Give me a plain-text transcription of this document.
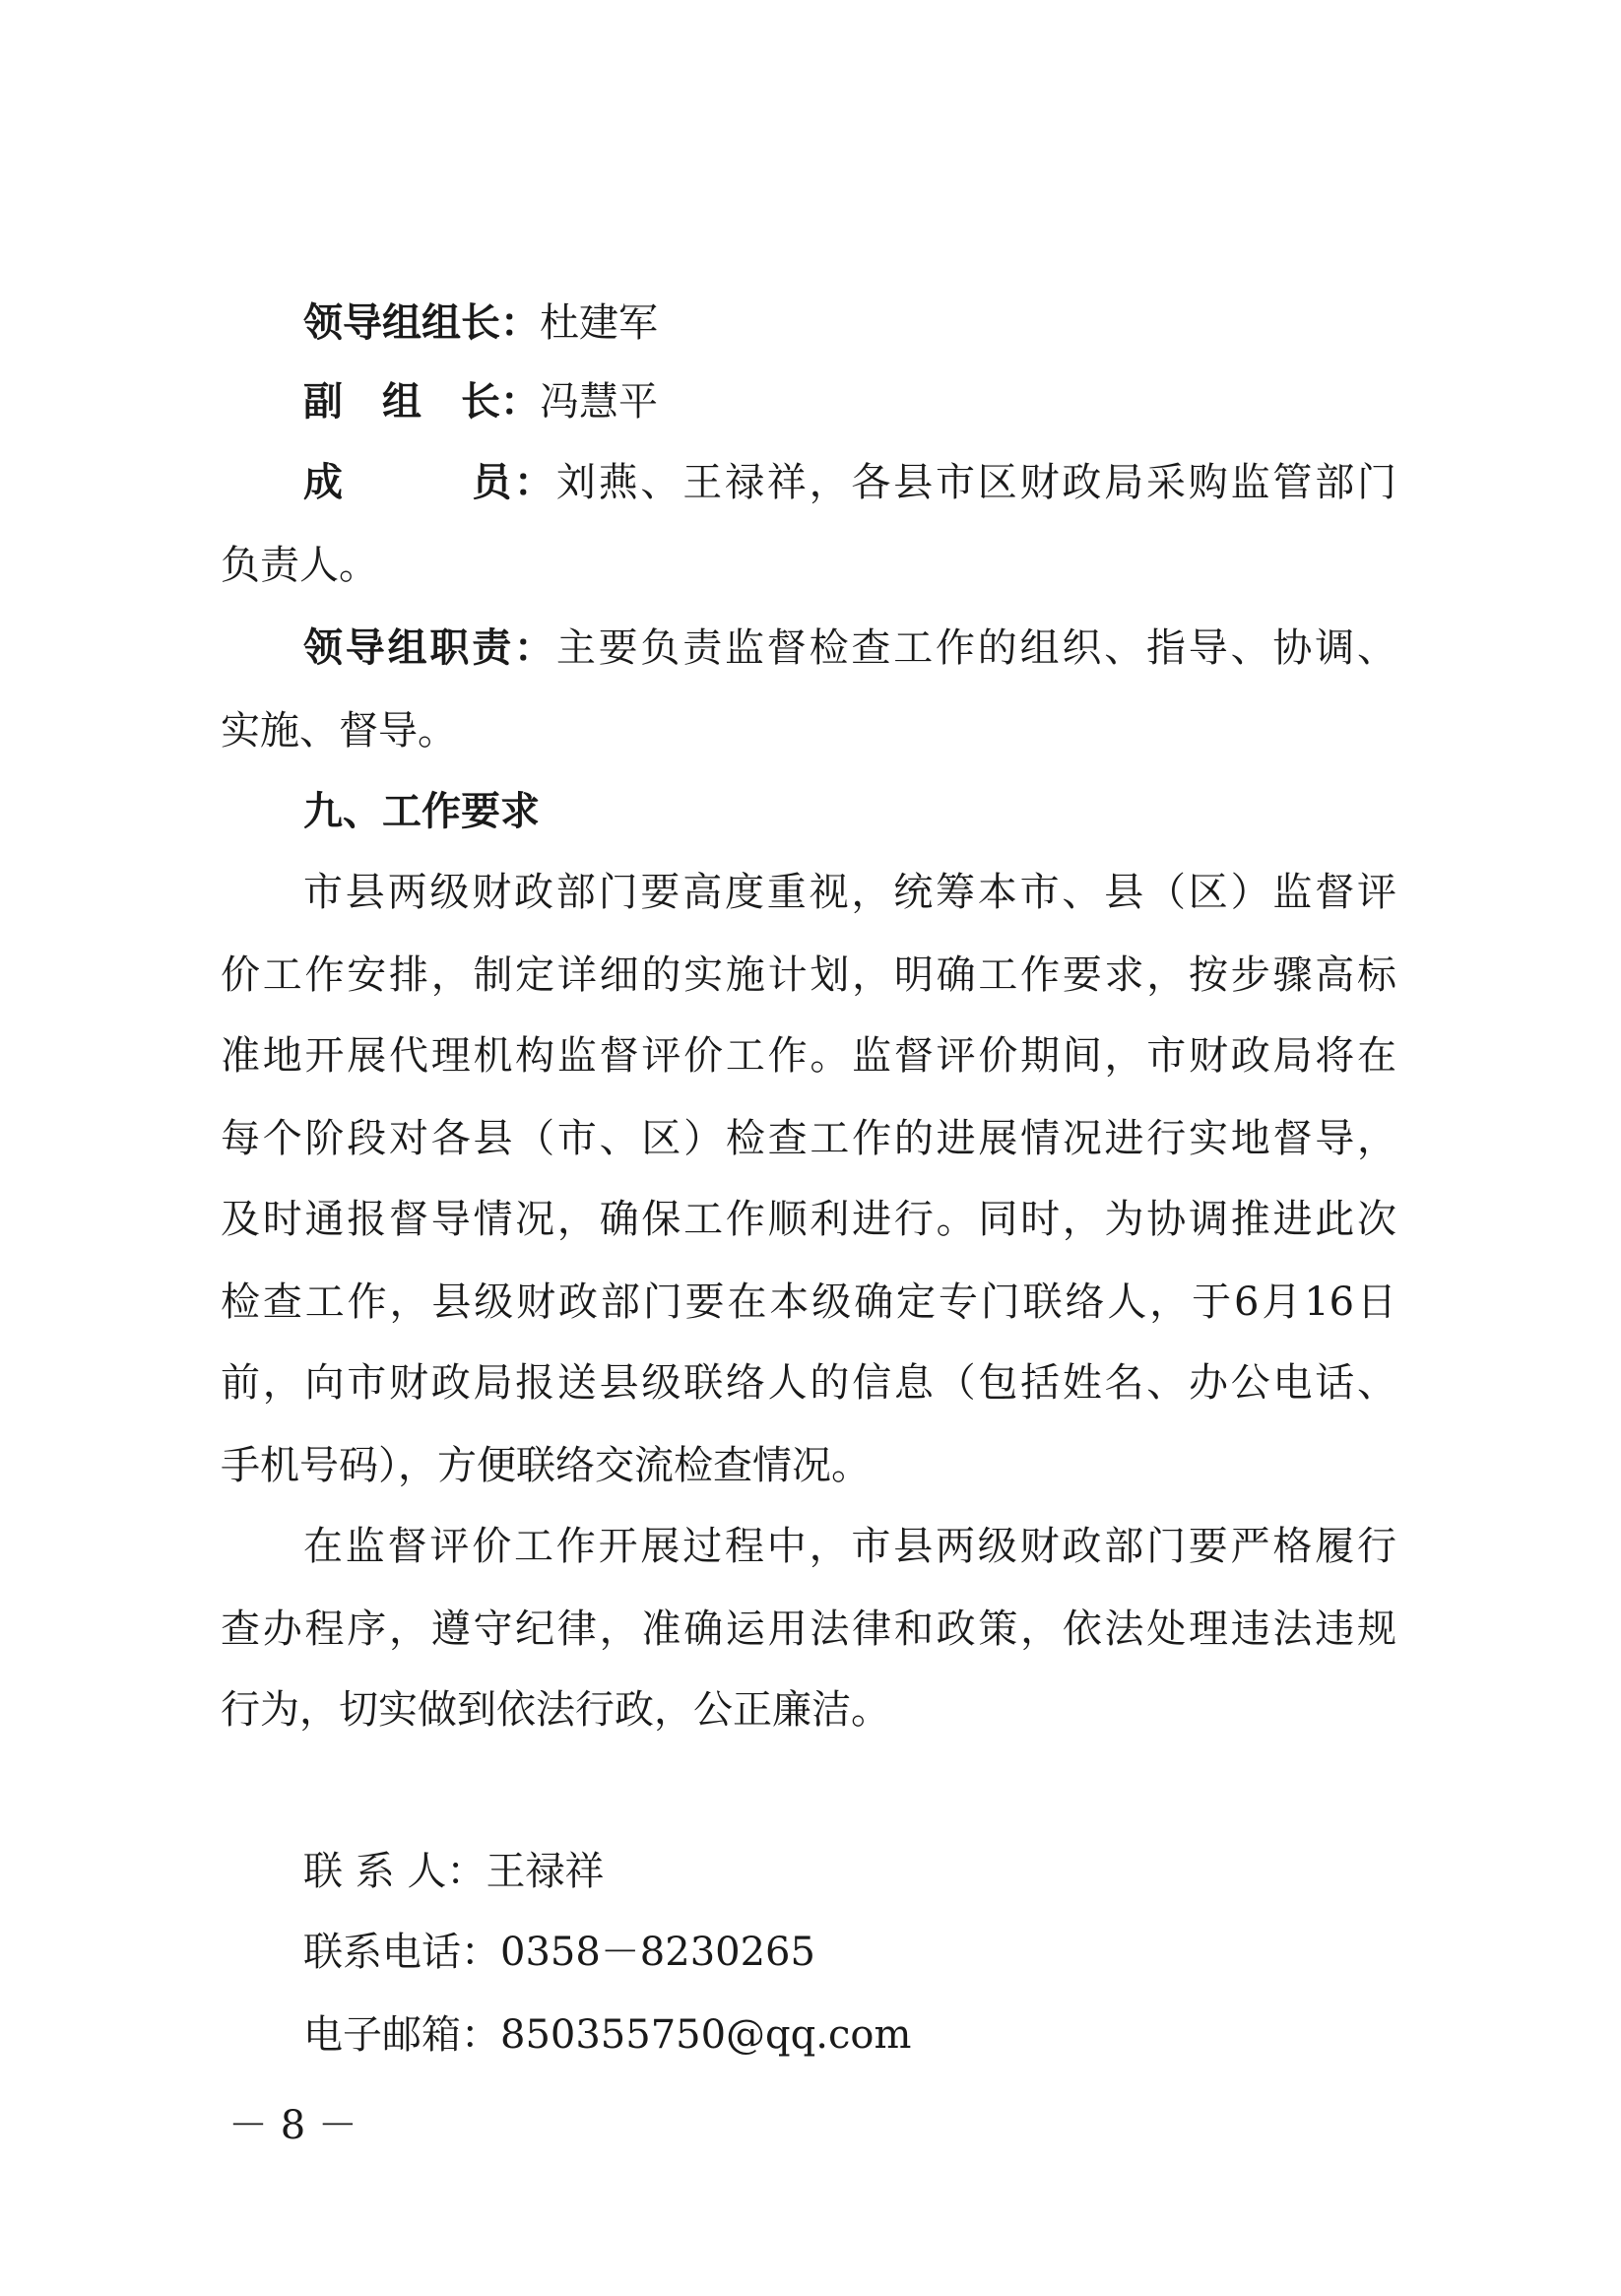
领导组组长：杜建军
副　组　长：冯慧平
成　　　员：刘燕、王禄祥，各县市区财政局采购监管部门
负责人。
领导组职责：主要负责监督检查工作的组织、指导、协调、
实施、督导。
九、工作要求
市县两级财政部门要高度重视，统筹本市、县（区）监督评
价工作安排，制定详细的实施计划，明确工作要求，按步骤高标
准地开展代理机构监督评价工作。监督评价期间，市财政局将在
每个阶段对各县（市、区）检查工作的进展情况进行实地督导，
及时通报督导情况，确保工作顺利进行。同时，为协调推进此次
检查工作，县级财政部门要在本级确定专门联络人，于6月16日
前，向市财政局报送县级联络人的信息（包括姓名、办公电话、
手机号码），方便联络交流检查情况。
在监督评价工作开展过程中，市县两级财政部门要严格履行
查办程序，遵守纪律，准确运用法律和政策，依法处理违法违规
行为，切实做到依法行政，公正廉洁。
联 系 人：王禄祥
联系电话：0358－8230265
电子邮箱：850355750@qq.com
－ 8 －
